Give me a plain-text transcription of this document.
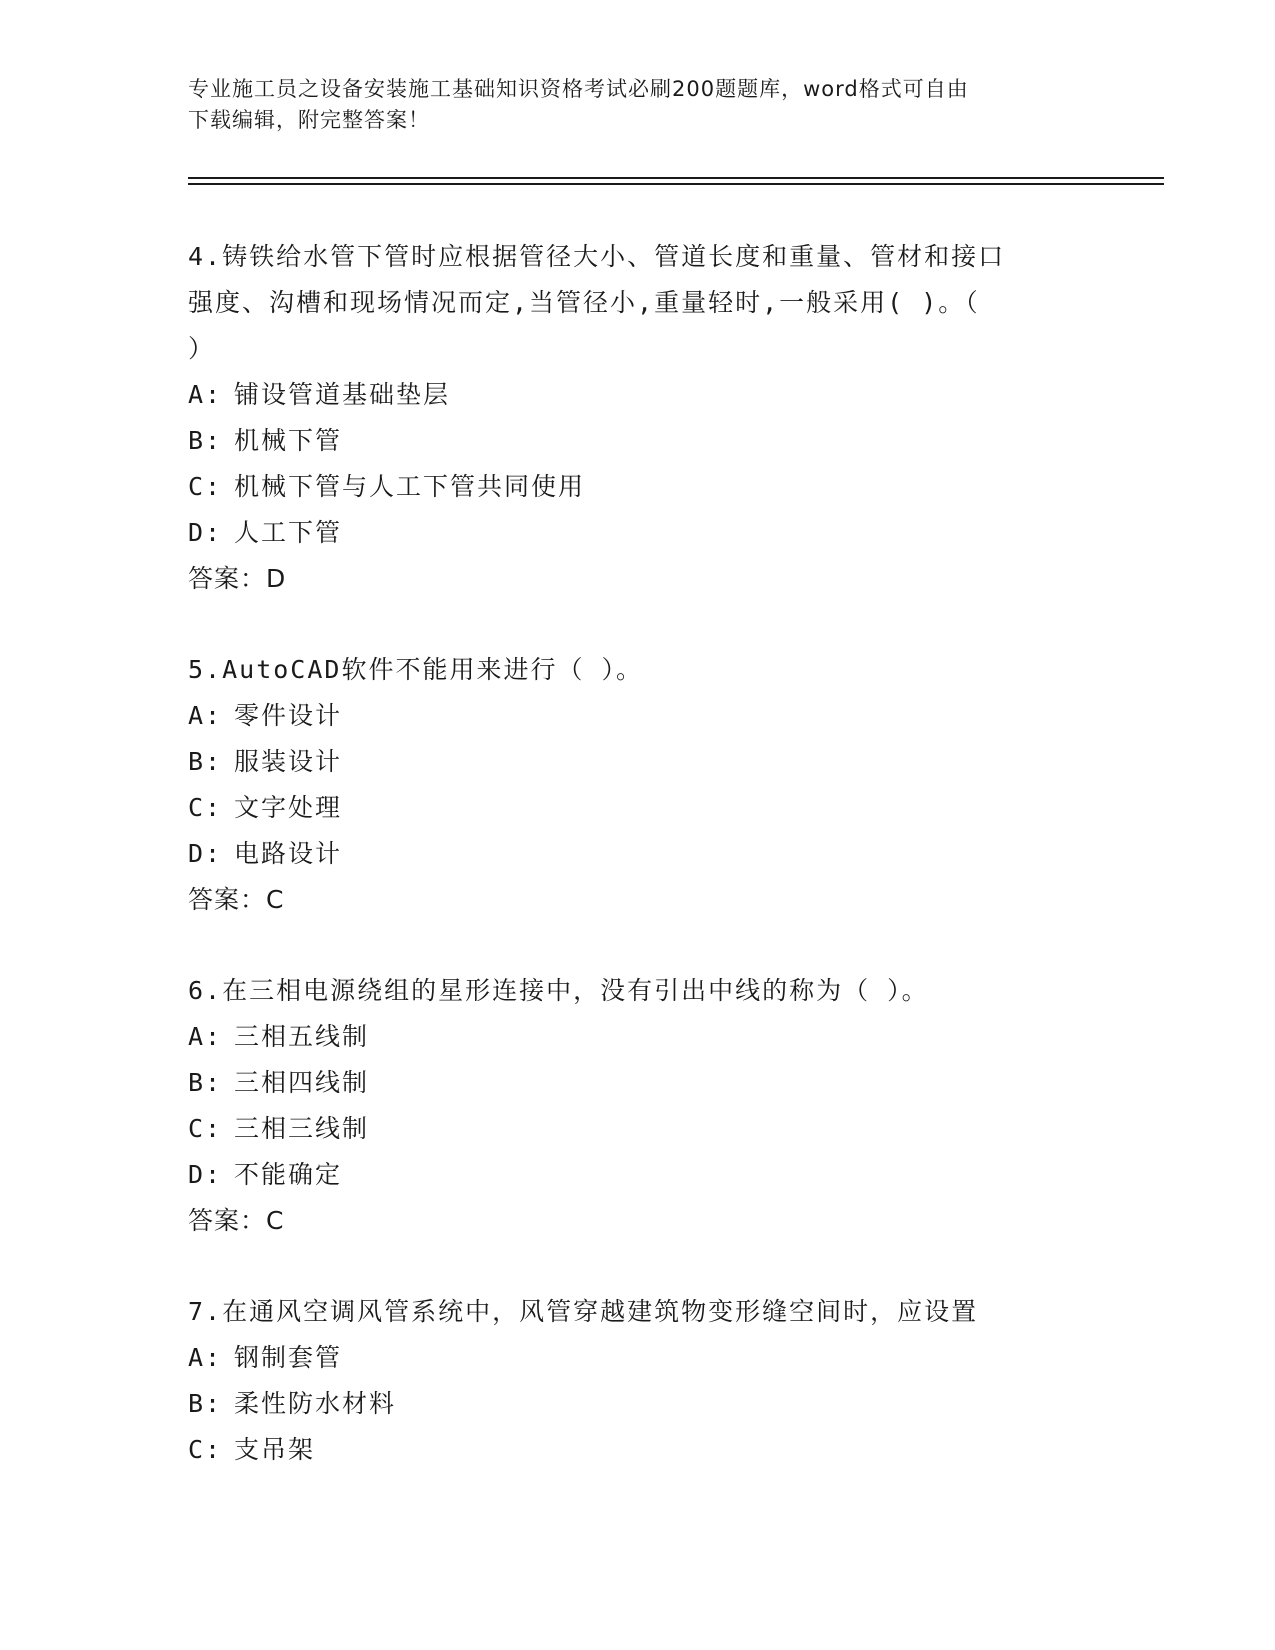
专业施工员之设备安装施工基础知识资格考试必刷200题题库，word格式可自由
下载编辑，附完整答案！
4.铸铁给水管下管时应根据管径大小、管道长度和重量、管材和接口
强度、沟槽和现场情况而定,当管径小,重量轻时,一般采用( )。（
）
A: 铺设管道基础垫层
B: 机械下管
C: 机械下管与人工下管共同使用
D: 人工下管
答案：D
5.AutoCAD软件不能用来进行（ ）。
A: 零件设计
B: 服装设计
C: 文字处理
D: 电路设计
答案：C
6.在三相电源绕组的星形连接中，没有引出中线的称为（ ）。
A: 三相五线制
B: 三相四线制
C: 三相三线制
D: 不能确定
答案：C
7.在通风空调风管系统中，风管穿越建筑物变形缝空间时，应设置
A: 钢制套管
B: 柔性防水材料
C: 支吊架
